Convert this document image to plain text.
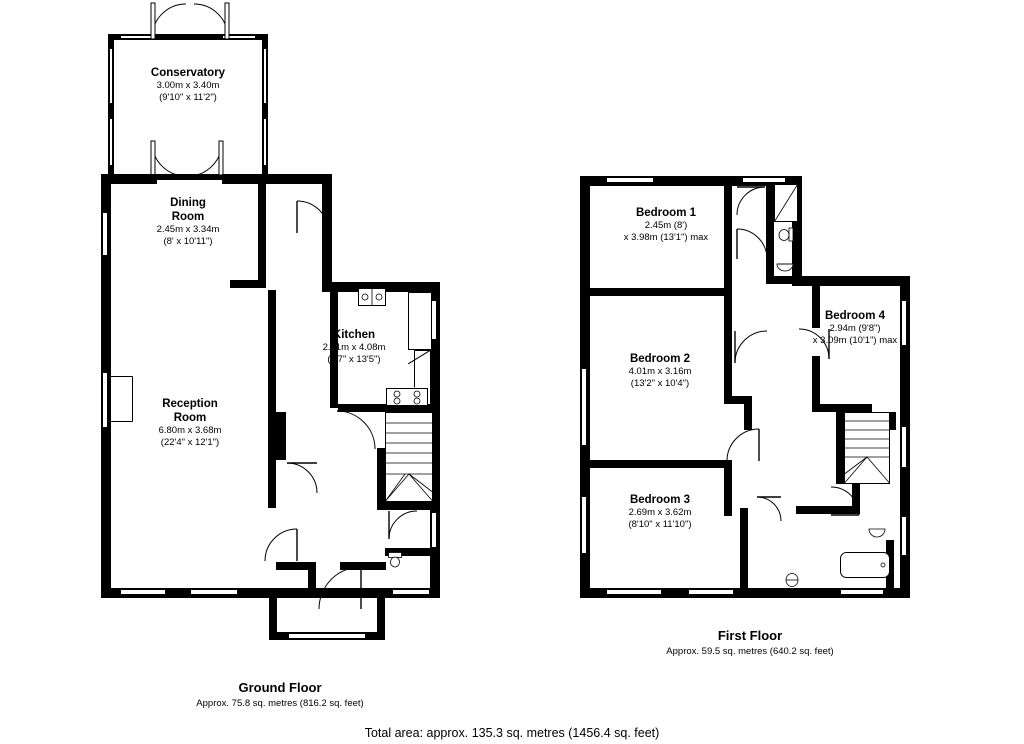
Conservatory
3.00m x 3.40m
(9'10" x 11'2")
Dining
Room
2.45m x 3.34m
(8' x 10'11")
Kitchen
2.91m x 4.08m
(9'7" x 13'5")
Reception
Room
6.80m x 3.68m
(22'4" x 12'1")
Ground Floor
Approx. 75.8 sq. metres (816.2 sq. feet)
Bedroom 1
2.45m (8')
x 3.98m (13'1") max
Bedroom 4
2.94m (9'8")
x 3.09m (10'1") max
Bedroom 2
4.01m x 3.16m
(13'2" x 10'4")
Bedroom 3
2.69m x 3.62m
(8'10" x 11'10")
First Floor
Approx. 59.5 sq. metres (640.2 sq. feet)
Total area: approx. 135.3 sq. metres (1456.4 sq. feet)
